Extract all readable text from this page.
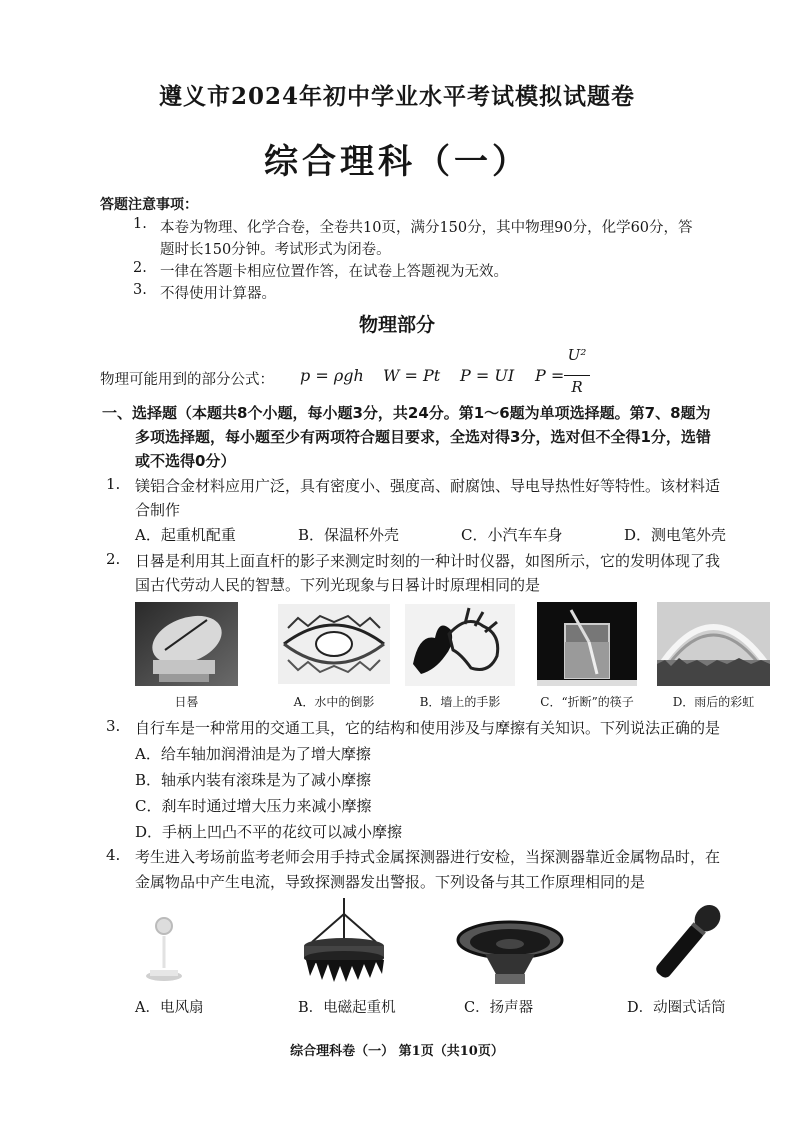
遵义市2024年初中学业水平考试模拟试题卷
综合理科（一）
答题注意事项：
1. 本卷为物理、化学合卷，全卷共10页，满分150分，其中物理90分，化学60分，答
题时长150分钟。考试形式为闭卷。
2. 一律在答题卡相应位置作答，在试卷上答题视为无效。
3. 不得使用计算器。
物理部分
物理可能用到的部分公式： p = ρgh W = Pt P = UI P =
U²
R
一、选择题（本题共8个小题，每小题3分，共24分。第1～6题为单项选择题。第7、8题为
多项选择题，每小题至少有两项符合题目要求，全选对得3分，选对但不全得1分，选错
或不选得0分）
1. 镁铝合金材料应用广泛，具有密度小、强度高、耐腐蚀、导电导热性好等特性。该材料适
合制作
A．起重机配重	B．保温杯外壳	C．小汽车车身	D．测电笔外壳
2. 日晷是利用其上面直杆的影子来测定时刻的一种计时仪器，如图所示，它的发明体现了我
国古代劳动人民的智慧。下列光现象与日晷计时原理相同的是
日晷	A．水中的倒影	B．墙上的手影	C．“折断”的筷子	D．雨后的彩虹
3. 自行车是一种常用的交通工具，它的结构和使用涉及与摩擦有关知识。下列说法正确的是
A．给车轴加润滑油是为了增大摩擦
B．轴承内装有滚珠是为了减小摩擦
C．刹车时通过增大压力来减小摩擦
D．手柄上凹凸不平的花纹可以减小摩擦
4. 考生进入考场前监考老师会用手持式金属探测器进行安检，当探测器靠近金属物品时，在
金属物品中产生电流，导致探测器发出警报。下列设备与其工作原理相同的是
A．电风扇	B．电磁起重机	C．扬声器	D．动圈式话筒
综合理科卷（一） 第1页（共10页）
